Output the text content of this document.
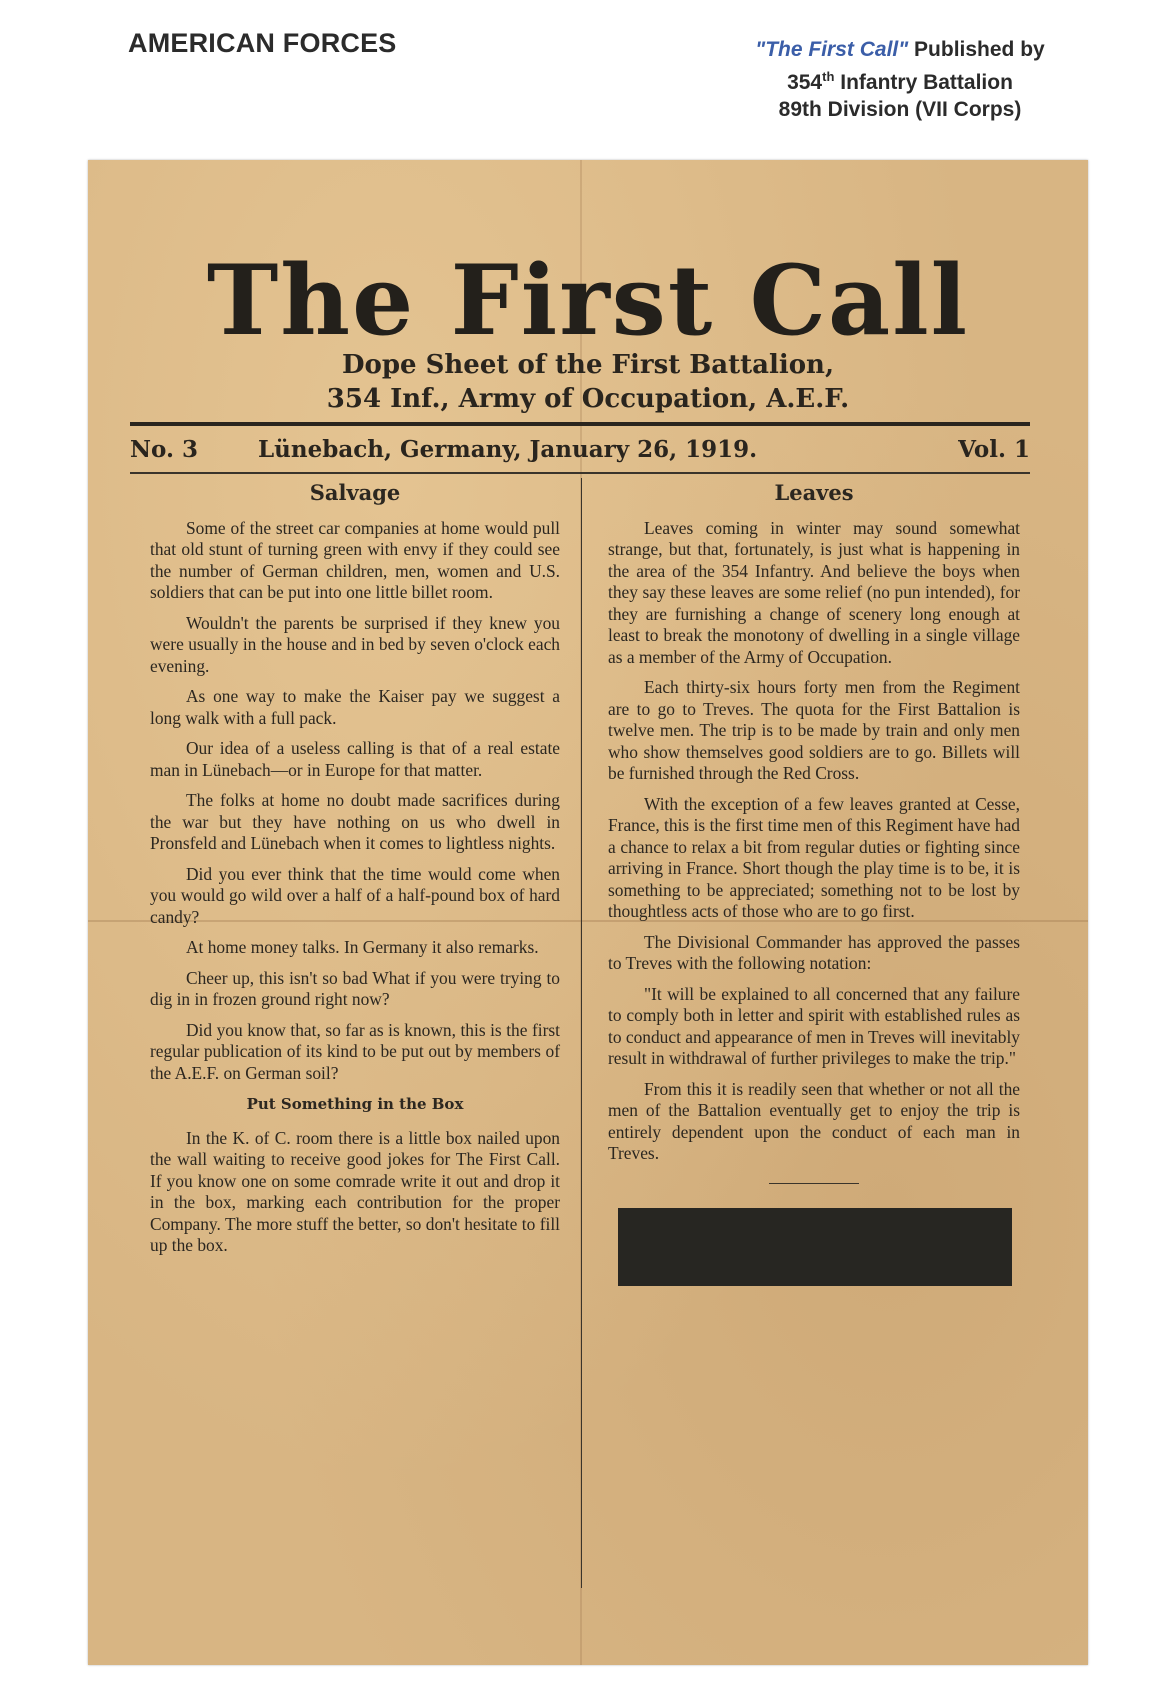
AMERICAN FORCES	"The First Call" Published by
354th Infantry Battalion
89th Division (VII Corps)
The First Call
Dope Sheet of the First Battalion,
354 Inf., Army of Occupation, A.E.F.
No. 3	Lünebach, Germany, January 26, 1919.	Vol. 1
Salvage

Some of the street car companies at home would pull that old stunt of turning green with envy if they could see the number of German children, men, women and U.S. soldiers that can be put into one little billet room.

Wouldn't the parents be surprised if they knew you were usually in the house and in bed by seven o'clock each evening.

As one way to make the Kaiser pay we suggest a long walk with a full pack.

Our idea of a useless calling is that of a real estate man in Lünebach—or in Europe for that matter.

The folks at home no doubt made sacrifices during the war but they have nothing on us who dwell in Pronsfeld and Lünebach when it comes to lightless nights.

Did you ever think that the time would come when you would go wild over a half of a half-pound box of hard candy?

At home money talks. In Germany it also remarks.

Cheer up, this isn't so bad What if you were trying to dig in in frozen ground right now?

Did you know that, so far as is known, this is the first regular publication of its kind to be put out by members of the A.E.F. on German soil?

Put Something in the Box

In the K. of C. room there is a little box nailed upon the wall waiting to receive good jokes for The First Call. If you know one on some comrade write it out and drop it in the box, marking each contribution for the proper Company. The more stuff the better, so don't hesitate to fill up the box.

Leaves

Leaves coming in winter may sound somewhat strange, but that, fortunately, is just what is happening in the area of the 354 Infantry. And believe the boys when they say these leaves are some relief (no pun intended), for they are furnishing a change of scenery long enough at least to break the monotony of dwelling in a single village as a member of the Army of Occupation.

Each thirty-six hours forty men from the Regiment are to go to Treves. The quota for the First Battalion is twelve men. The trip is to be made by train and only men who show themselves good soldiers are to go. Billets will be furnished through the Red Cross.

With the exception of a few leaves granted at Cesse, France, this is the first time men of this Regiment have had a chance to relax a bit from regular duties or fighting since arriving in France. Short though the play time is to be, it is something to be appreciated; something not to be lost by thoughtless acts of those who are to go first.

The Divisional Commander has approved the passes to Treves with the following notation:

"It will be explained to all concerned that any failure to comply both in letter and spirit with established rules as to conduct and appearance of men in Treves will inevitably result in withdrawal of further privileges to make the trip."

From this it is readily seen that whether or not all the men of the Battalion eventually get to enjoy the trip is entirely dependent upon the conduct of each man in Treves.
